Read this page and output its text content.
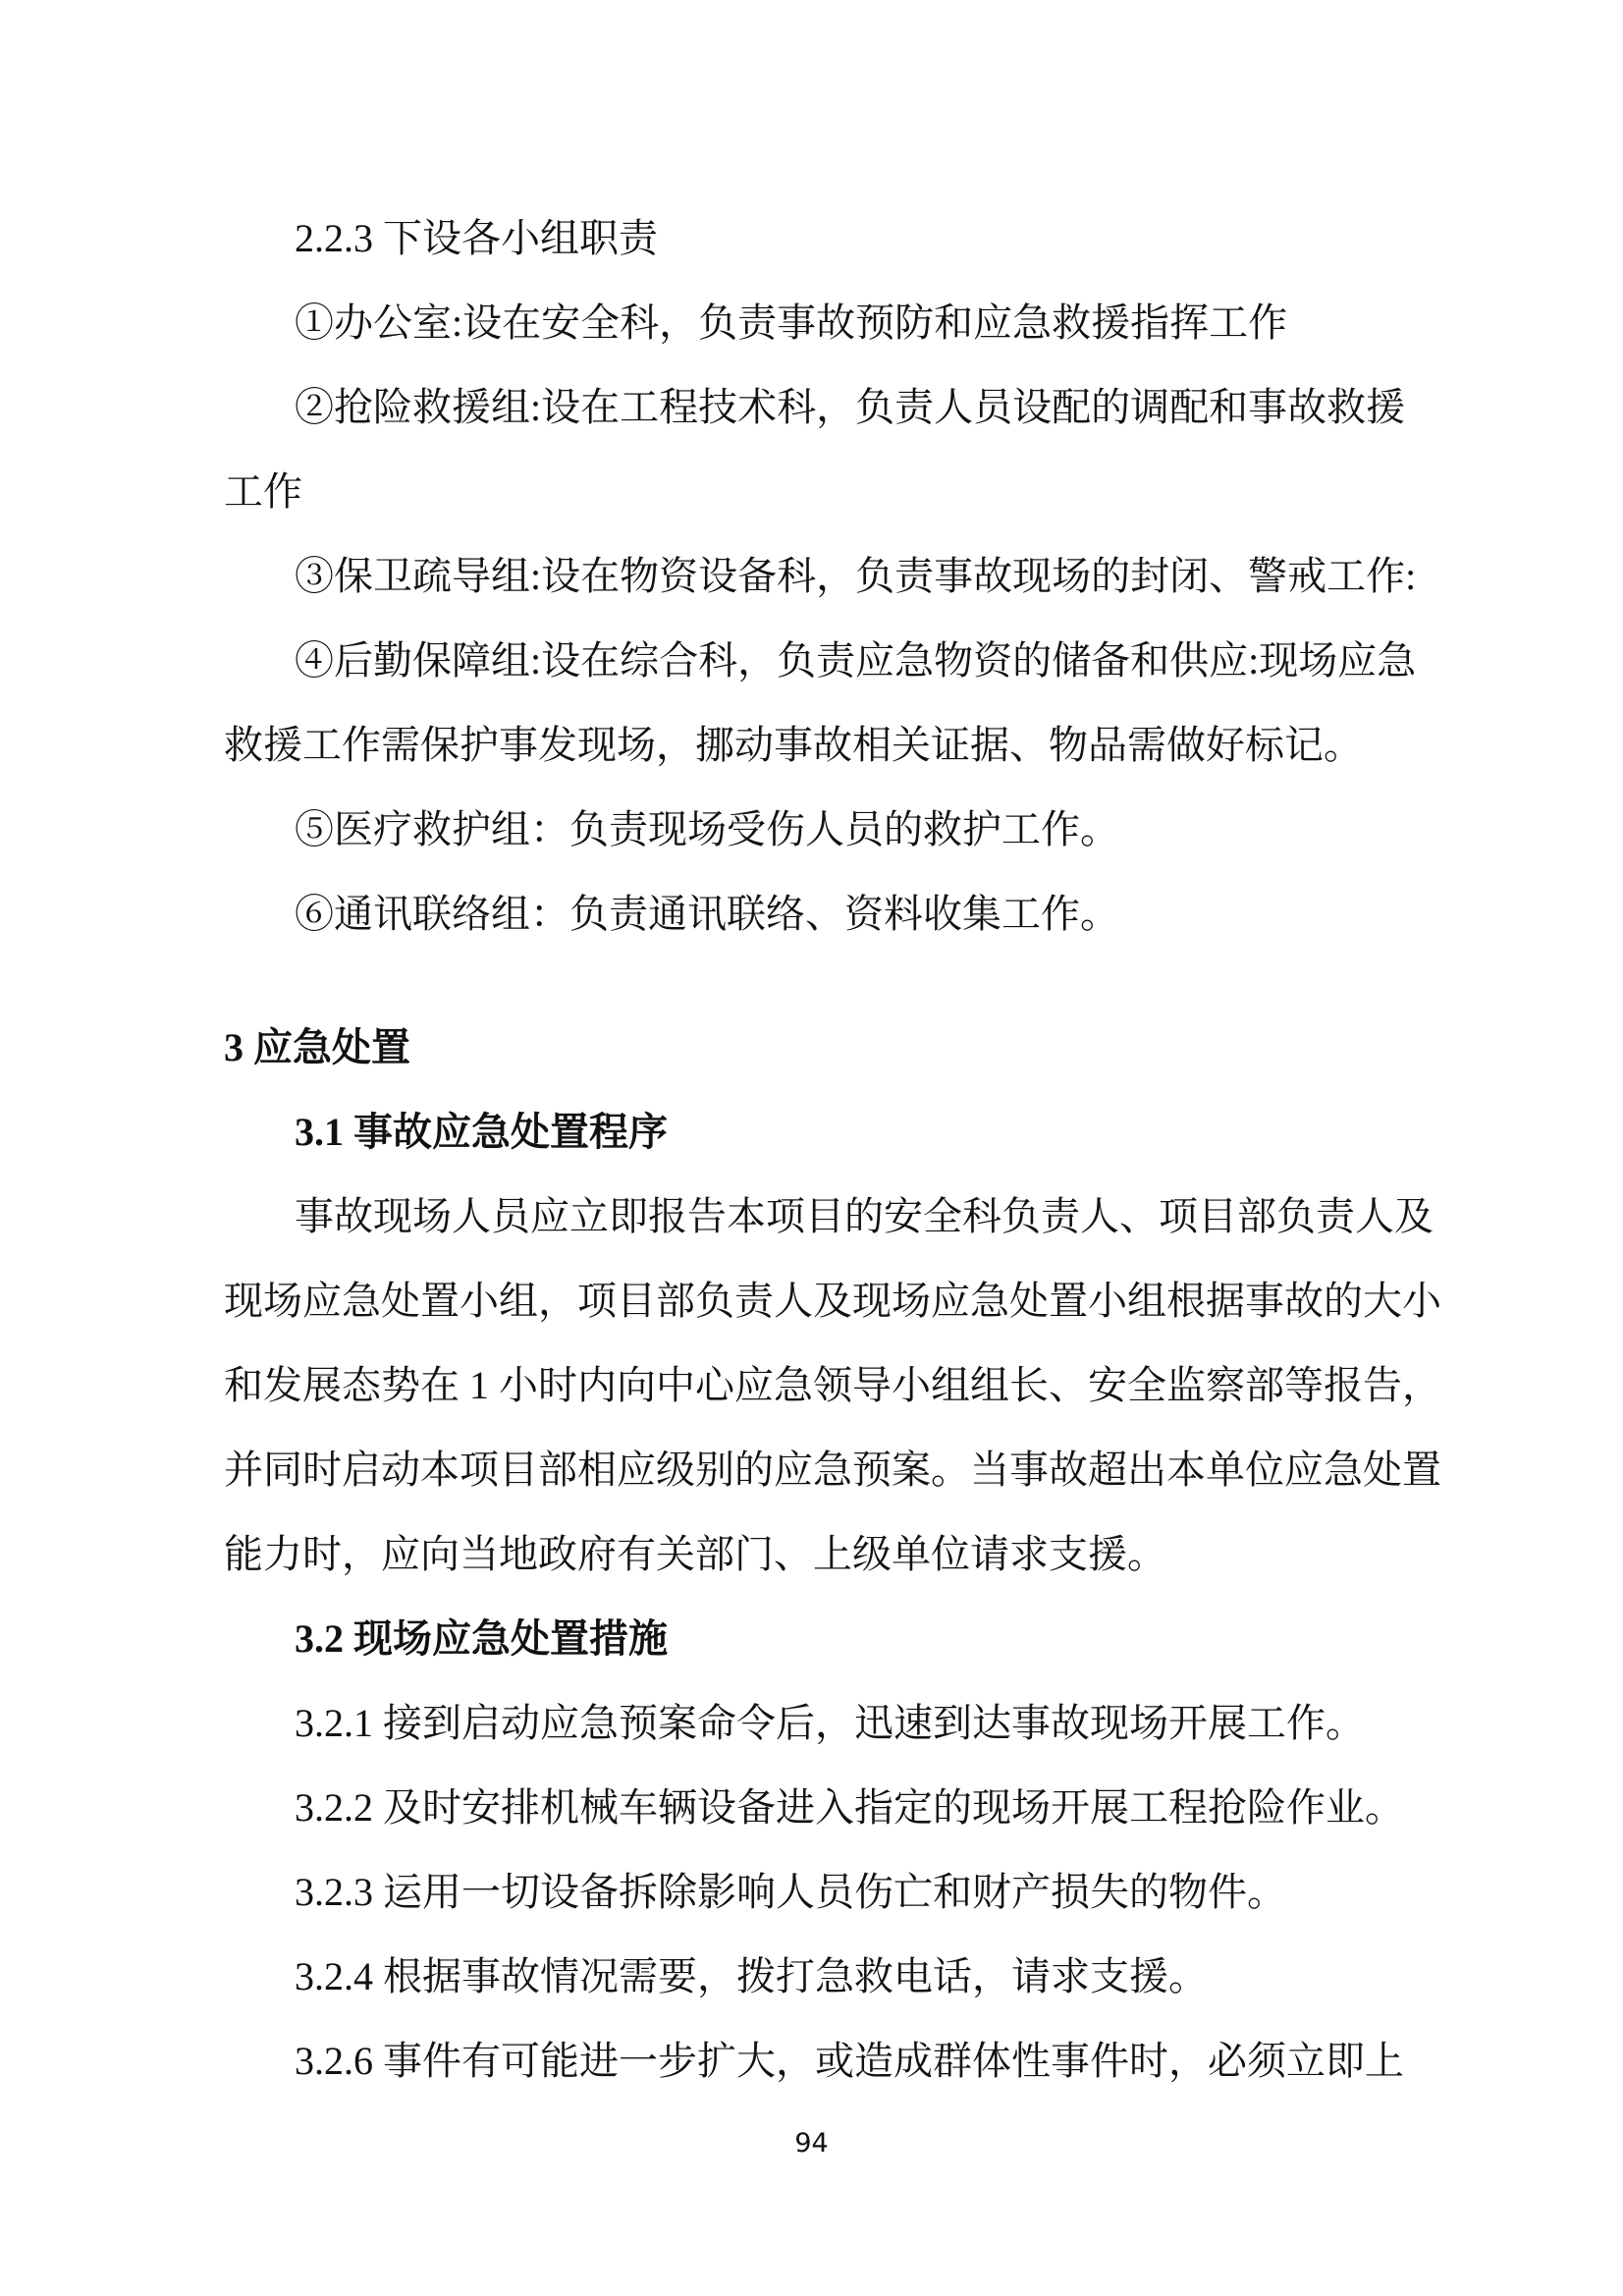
2.2.3 下设各小组职责
①办公室:设在安全科，负责事故预防和应急救援指挥工作
②抢险救援组:设在工程技术科，负责人员设配的调配和事故救援
工作
③保卫疏导组:设在物资设备科，负责事故现场的封闭、警戒工作:
④后勤保障组:设在综合科，负责应急物资的储备和供应:现场应急
救援工作需保护事发现场，挪动事故相关证据、物品需做好标记。
⑤医疗救护组：负责现场受伤人员的救护工作。
⑥通讯联络组：负责通讯联络、资料收集工作。
3 应急处置
3.1 事故应急处置程序
事故现场人员应立即报告本项目的安全科负责人、项目部负责人及
现场应急处置小组，项目部负责人及现场应急处置小组根据事故的大小
和发展态势在 1 小时内向中心应急领导小组组长、安全监察部等报告，
并同时启动本项目部相应级别的应急预案。当事故超出本单位应急处置
能力时，应向当地政府有关部门、上级单位请求支援。
3.2 现场应急处置措施
3.2.1 接到启动应急预案命令后，迅速到达事故现场开展工作。
3.2.2 及时安排机械车辆设备进入指定的现场开展工程抢险作业。
3.2.3 运用一切设备拆除影响人员伤亡和财产损失的物件。
3.2.4 根据事故情况需要，拨打急救电话，请求支援。
3.2.6 事件有可能进一步扩大，或造成群体性事件时，必须立即上
94
